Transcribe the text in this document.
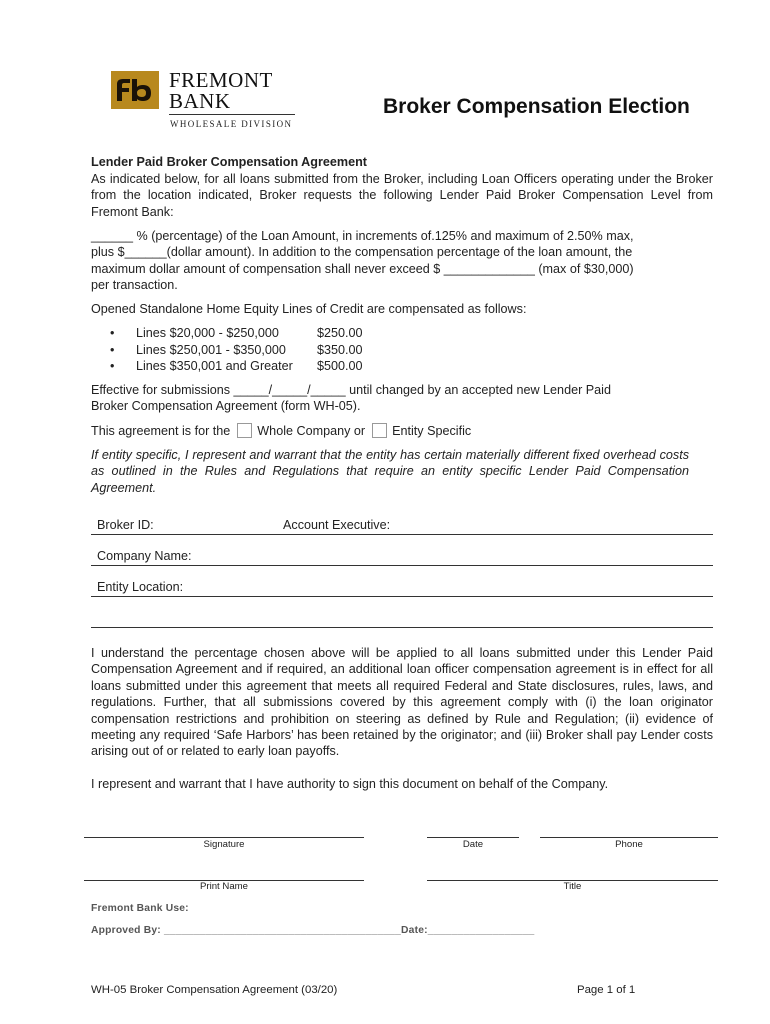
FREMONT
BANK
WHOLESALE DIVISION
Broker Compensation Election
Lender Paid Broker Compensation Agreement
As indicated below, for all loans submitted from the Broker, including Loan Officers operating under the Broker from the location indicated, Broker requests the following Lender Paid Broker Compensation Level from Fremont Bank:
______ % (percentage) of the Loan Amount, in increments of.125% and maximum of 2.50% max,
plus $______(dollar amount). In addition to the compensation percentage of the loan amount, the
maximum dollar amount of compensation shall never exceed $ _____________ (max of $30,000)
per transaction.
Opened Standalone Home Equity Lines of Credit are compensated as follows:
•	Lines $20,000 - $250,000	$250.00
•	Lines $250,001 - $350,000	$350.00
•	Lines $350,001 and Greater	$500.00
Effective for submissions _____/_____/_____ until changed by an accepted new Lender Paid
Broker Compensation Agreement (form WH-05).
This agreement is for the Whole Company or Entity Specific
If entity specific, I represent and warrant that the entity has certain materially different fixed overhead costs as outlined in the Rules and Regulations that require an entity specific Lender Paid Compensation Agreement.
Broker ID:	Account Executive:
Company Name:
Entity Location:
I understand the percentage chosen above will be applied to all loans submitted under this Lender Paid Compensation Agreement and if required, an additional loan officer compensation agreement is in effect for all loans submitted under this agreement that meets all required Federal and State disclosures, rules, laws, and regulations. Further, that all submissions covered by this agreement comply with (i) the loan originator compensation restrictions and prohibition on steering as defined by Rule and Regulation; (ii) evidence of meeting any required ‘Safe Harbors’ has been retained by the originator; and (iii) Broker shall pay Lender costs arising out of or related to early loan payoffs.
I represent and warrant that I have authority to sign this document on behalf of the Company.
Signature	Date	Phone
Print Name	Title
Fremont Bank Use:
Approved By: ________________________________________Date:__________________
WH-05 Broker Compensation Agreement (03/20)	Page 1 of 1
